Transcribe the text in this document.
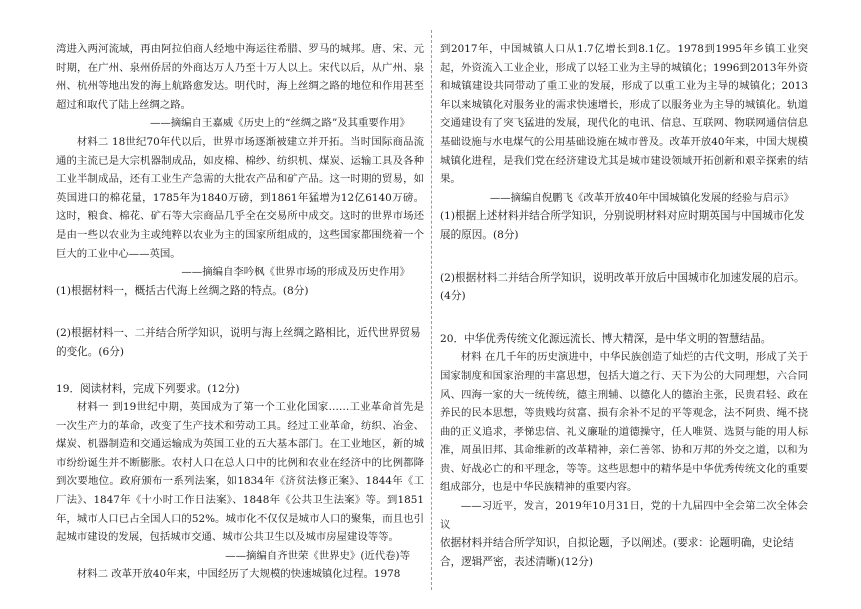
湾进入两河流域，再由阿拉伯商人经地中海运往希腊、罗马的城邦。唐、宋、元时期，在广州、泉州侨居的外商达万人乃至十万人以上。宋代以后，从广州、泉州、杭州等地出发的海上航路愈发达。明代时，海上丝绸之路的地位和作用甚至超过和取代了陆上丝绸之路。

——摘编自王嘉威《历史上的“丝绸之路”及其重要作用》

材料二 18世纪70年代以后，世界市场逐渐被建立并开拓。当时国际商品流通的主流已是大宗机器制成品，如皮棉、棉纱、纺织机、煤炭、运输工具及各种工业半制成品，还有工业生产急需的大批农产品和矿产品。这一时期的贸易，如英国进口的棉花量，1785年为1840万磅，到1861年猛增为12亿6140万磅。这时，粮食、棉花、矿石等大宗商品几乎全在交易所中成交。这时的世界市场还是由一些以农业为主或纯粹以农业为主的国家所组成的，这些国家都围绕着一个巨大的工业中心——英国。

——摘编自李吟枫《世界市场的形成及历史作用》

(1)根据材料一，概括古代海上丝绸之路的特点。(8分)

(2)根据材料一、二并结合所学知识，说明与海上丝绸之路相比，近代世界贸易的变化。(6分)

19．阅读材料，完成下列要求。(12分)

材料一 到19世纪中期，英国成为了第一个工业化国家……工业革命首先是一次生产力的革命，改变了生产技术和劳动工具。经过工业革命，纺织、冶金、煤炭、机器制造和交通运输成为英国工业的五大基本部门。在工业地区，新的城市纷纷诞生并不断膨胀。农村人口在总人口中的比例和农业在经济中的比例都降到次要地位。政府颁布一系列法案，如1834年《济贫法修正案》、1844年《工厂法》、1847年《十小时工作日法案》、1848年《公共卫生法案》等。到1851年，城市人口已占全国人口的52%。城市化不仅仅是城市人口的聚集，而且也引起城市建设的发展，包括城市交通、城市公共卫生以及城市房屋建设等等。

——摘编自齐世荣《世界史》(近代卷)等

材料二 改革开放40年来，中国经历了大规模的快速城镇化过程。1978

到2017年，中国城镇人口从1.7亿增长到8.1亿。1978到1995年乡镇工业突起，外资流入工业企业，形成了以轻工业为主导的城镇化；1996到2013年外资和城镇建设共同带动了重工业的发展，形成了以重工业为主导的城镇化；2013年以来城镇化对服务业的需求快速增长，形成了以服务业为主导的城镇化。轨道交通建设有了突飞猛进的发展，现代化的电讯、信息、互联网、物联网通信信息基础设施与水电煤气的公用基础设施在城市普及。改革开放40年来，中国大规模城镇化进程，是我们党在经济建设尤其是城市建设领域开拓创新和艰辛探索的结果。

——摘编自倪鹏飞《改革开放40年中国城镇化发展的经验与启示》

(1)根据上述材料并结合所学知识，分别说明材料对应时期英国与中国城市化发展的原因。(8分)

(2)根据材料二并结合所学知识，说明改革开放后中国城市化加速发展的启示。(4分)

20．中华优秀传统文化源远流长、博大精深，是中华文明的智慧结晶。

材料 在几千年的历史演进中，中华民族创造了灿烂的古代文明，形成了关于国家制度和国家治理的丰富思想，包括大道之行、天下为公的大同理想，六合同风、四海一家的大一统传统，德主刑辅、以德化人的德治主张，民贵君轻、政在养民的民本思想，等贵贱均贫富、损有余补不足的平等观念，法不阿贵、绳不挠曲的正义追求，孝悌忠信、礼义廉耻的道德操守，任人唯贤、选贤与能的用人标准，周虽旧邦、其命维新的改革精神，亲仁善邻、协和万邦的外交之道，以和为贵、好战必亡的和平理念，等等。这些思想中的精华是中华优秀传统文化的重要组成部分，也是中华民族精神的重要内容。

——习近平，发言，2019年10月31日，党的十九届四中全会第二次全体会议

依据材料并结合所学知识，自拟论题，予以阐述。(要求：论题明确，史论结合，逻辑严密，表述清晰)(12分)
